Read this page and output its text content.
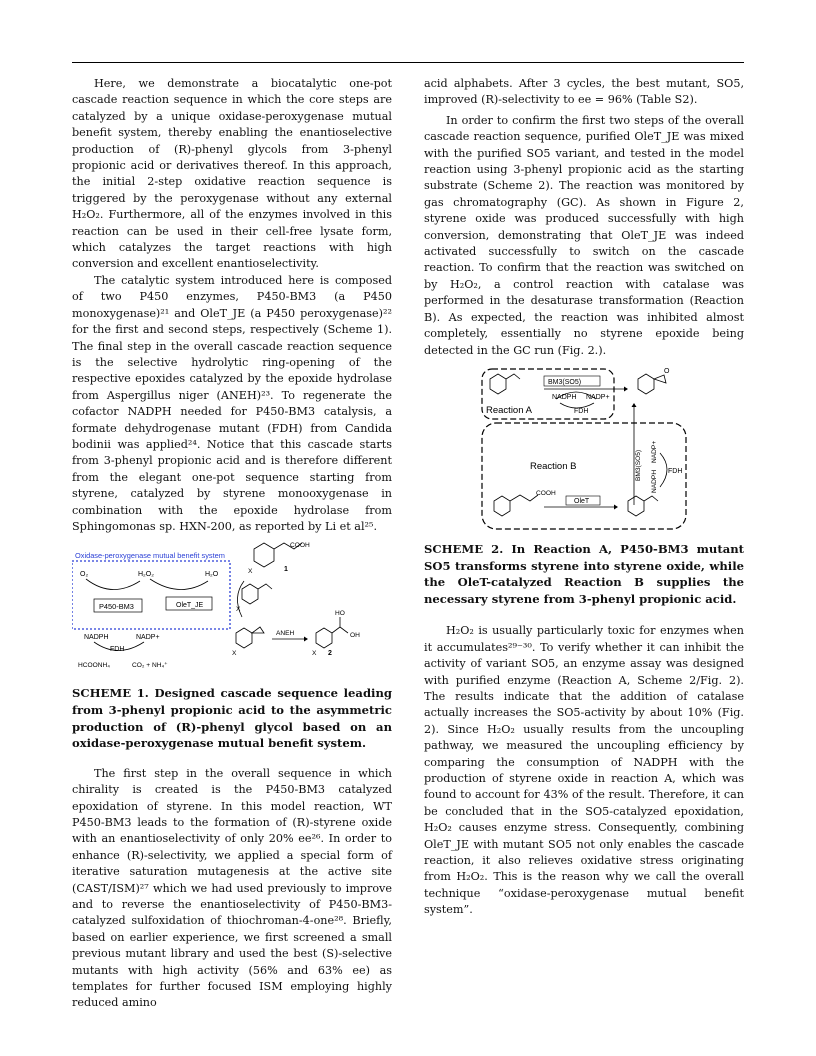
Here, we demonstrate a biocatalytic one-pot cascade reaction sequence in which the core steps are catalyzed by a unique oxidase-peroxygenase mutual benefit system, thereby enabling the enantioselective production of (R)-phenyl glycols from 3-phenyl propionic acid or derivatives thereof. In this approach, the initial 2-step oxidative reaction sequence is triggered by the peroxygenase without any external H₂O₂. Furthermore, all of the enzymes involved in this reaction can be used in their cell-free lysate form, which catalyzes the target reactions with high conversion and excellent enantioselectivity.

The catalytic system introduced here is composed of two P450 enzymes, P450-BM3 (a P450 monoxygenase)²¹ and OleT_JE (a P450 peroxygenase)²² for the first and second steps, respectively (Scheme 1). The final step in the overall cascade reaction sequence is the selective hydrolytic ring-opening of the respective epoxides catalyzed by the epoxide hydrolase from Aspergillus niger (ANEH)²³. To regenerate the cofactor NADPH needed for P450-BM3 catalysis, a formate dehydrogenase mutant (FDH) from Candida bodinii was applied²⁴. Notice that this cascade starts from 3-phenyl propionic acid and is therefore different from the elegant one-pot sequence starting from styrene, catalyzed by styrene monooxygenase in combination with the epoxide hydrolase from Sphingomonas sp. HXN-200, as reported by Li et al²⁵.

Oxidase-peroxygenase mutual benefit system
O₂	H₂O₂	H₂O
P450-BM3	OleT_JE
NADPH	NADP+
FDH
HCOONH₄	CO₂ + NH₄⁺
COOH
X	1
X
X
ANEH
HO
OH
X 2

SCHEME 1. Designed cascade sequence leading from 3-phenyl propionic acid to the asymmetric production of (R)-phenyl glycol based on an oxidase-peroxygenase mutual benefit system.

The first step in the overall sequence in which chirality is created is the P450-BM3 catalyzed epoxidation of styrene. In this model reaction, WT P450-BM3 leads to the formation of (R)-styrene oxide with an enantioselectivity of only 20% ee²⁶. In order to enhance (R)-selectivity, we applied a special form of iterative saturation mutagenesis at the active site (CAST/ISM)²⁷ which we had used previously to improve and to reverse the enantioselectivity of P450-BM3-catalyzed sulfoxidation of thiochroman-4-one²⁸. Briefly, based on earlier experience, we first screened a small previous mutant library and used the best (S)-selective mutants with high activity (56% and 63% ee) as templates for further focused ISM employing highly reduced amino

acid alphabets. After 3 cycles, the best mutant, SO5, improved (R)-selectivity to ee = 96% (Table S2).

In order to confirm the first two steps of the overall cascade reaction sequence, purified OleT_JE was mixed with the purified SO5 variant, and tested in the model reaction using 3-phenyl propionic acid as the starting substrate (Scheme 2). The reaction was monitored by gas chromatography (GC). As shown in Figure 2, styrene oxide was produced successfully with high conversion, demonstrating that OleT_JE was indeed activated successfully to switch on the cascade reaction. To confirm that the reaction was switched on by H₂O₂, a control reaction with catalase was performed in the desaturase transformation (Reaction B). As expected, the reaction was inhibited almost completely, essentially no styrene epoxide being detected in the GC run (Fig. 2.).

BM3(SO5)
NADPH NADP+
FDH
Reaction A
O
Reaction B	BM3(SO5)
NADPH
NADP+
FDH
COOH
OleT

SCHEME 2. In Reaction A, P450-BM3 mutant SO5 transforms styrene into styrene oxide, while the OleT-catalyzed Reaction B supplies the necessary styrene from 3-phenyl propionic acid.

H₂O₂ is usually particularly toxic for enzymes when it accumulates²⁹⁻³⁰. To verify whether it can inhibit the activity of variant SO5, an enzyme assay was designed with purified enzyme (Reaction A, Scheme 2/Fig. 2). The results indicate that the addition of catalase actually increases the SO5-activity by about 10% (Fig. 2). Since H₂O₂ usually results from the uncoupling pathway, we measured the uncoupling efficiency by comparing the consumption of NADPH with the production of styrene oxide in reaction A, which was found to account for 43% of the result. Therefore, it can be concluded that in the SO5-catalyzed epoxidation, H₂O₂ causes enzyme stress. Consequently, combining OleT_JE with mutant SO5 not only enables the cascade reaction, it also relieves oxidative stress originating from H₂O₂. This is the reason why we call the overall technique “oxidase-peroxygenase mutual benefit system”.
